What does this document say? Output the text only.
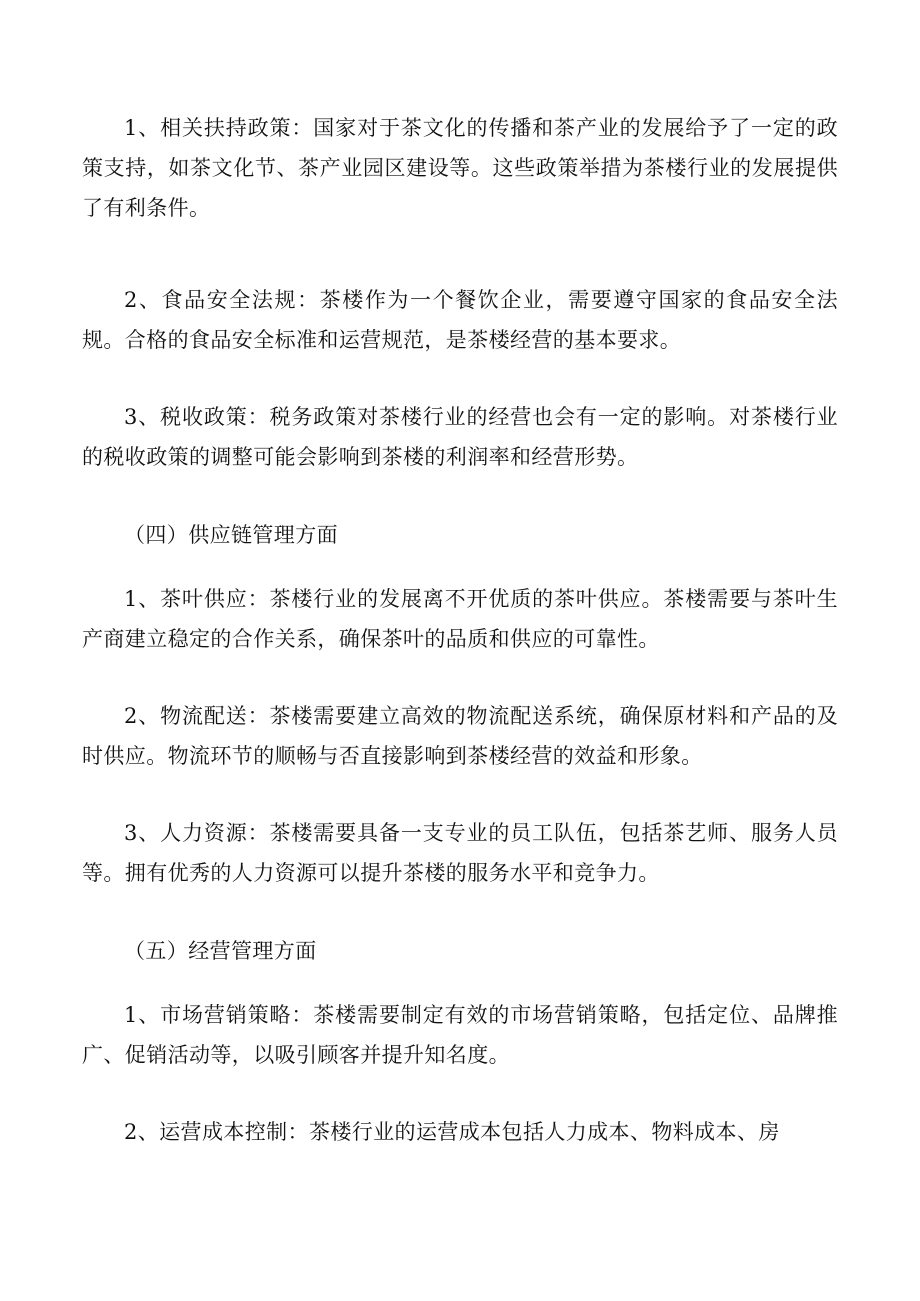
1、相关扶持政策：国家对于茶文化的传播和茶产业的发展给予了一定的政策支持，如茶文化节、茶产业园区建设等。这些政策举措为茶楼行业的发展提供了有利条件。

2、食品安全法规：茶楼作为一个餐饮企业，需要遵守国家的食品安全法规。合格的食品安全标准和运营规范，是茶楼经营的基本要求。

3、税收政策：税务政策对茶楼行业的经营也会有一定的影响。对茶楼行业的税收政策的调整可能会影响到茶楼的利润率和经营形势。

（四）供应链管理方面

1、茶叶供应：茶楼行业的发展离不开优质的茶叶供应。茶楼需要与茶叶生产商建立稳定的合作关系，确保茶叶的品质和供应的可靠性。

2、物流配送：茶楼需要建立高效的物流配送系统，确保原材料和产品的及时供应。物流环节的顺畅与否直接影响到茶楼经营的效益和形象。

3、人力资源：茶楼需要具备一支专业的员工队伍，包括茶艺师、服务人员等。拥有优秀的人力资源可以提升茶楼的服务水平和竞争力。

（五）经营管理方面

1、市场营销策略：茶楼需要制定有效的市场营销策略，包括定位、品牌推广、促销活动等，以吸引顾客并提升知名度。

2、运营成本控制：茶楼行业的运营成本包括人力成本、物料成本、房
